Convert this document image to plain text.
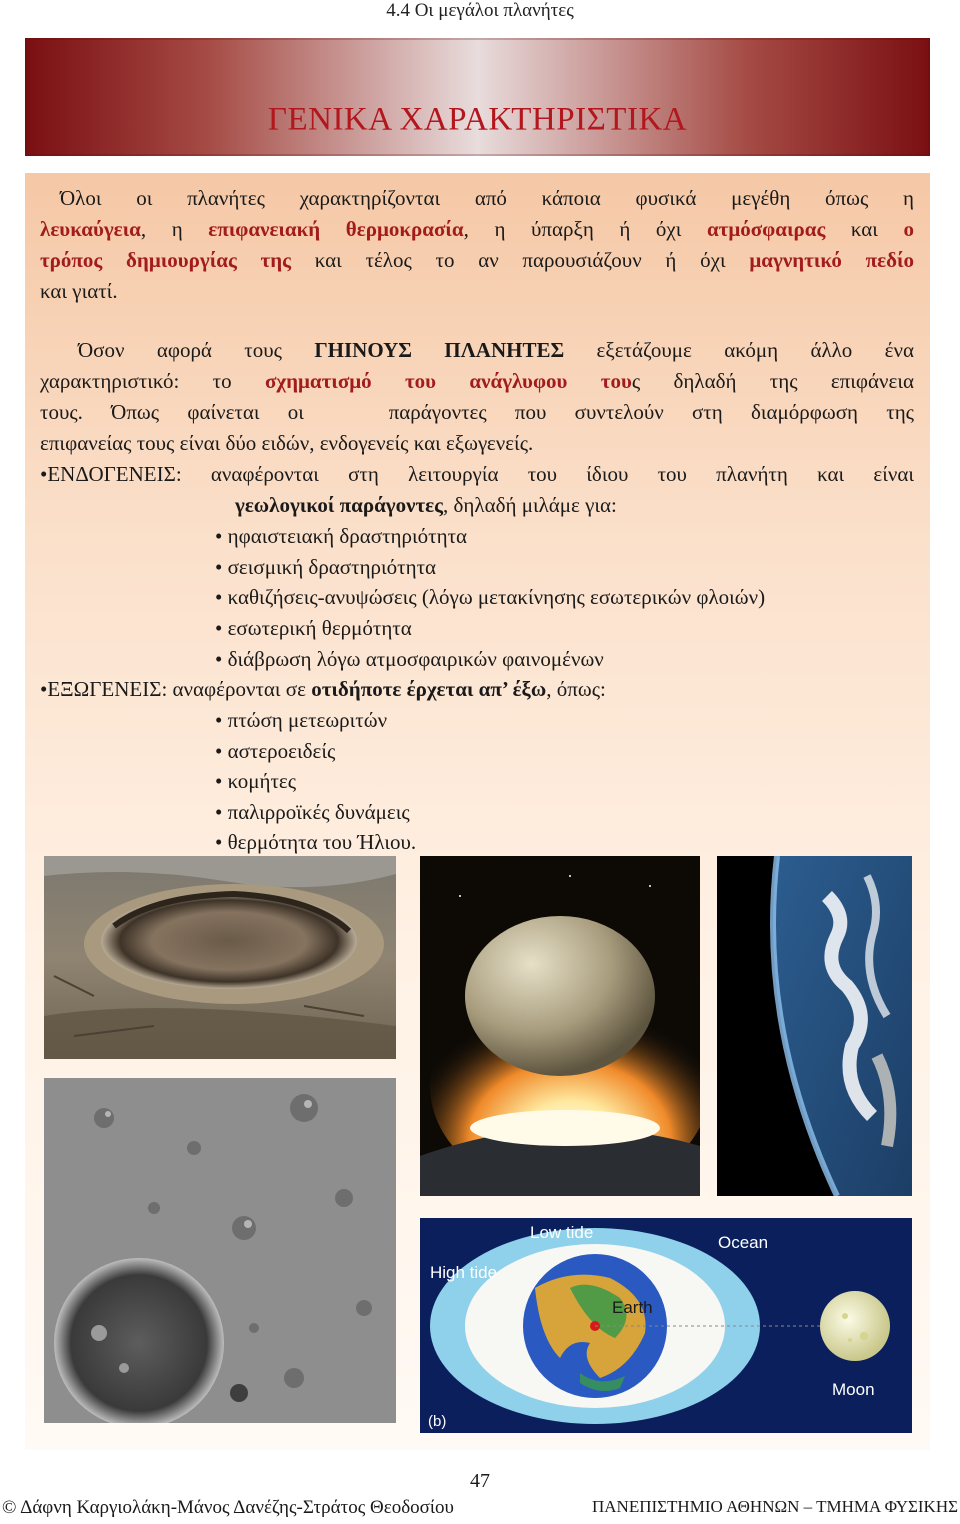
4.4 Οι μεγάλοι πλανήτες
ΓΕΝΙΚΑ ΧΑΡΑΚΤΗΡΙΣΤΙΚΑ
Όλοι οι πλανήτες χαρακτηρίζονται από κάποια φυσικά μεγέθη όπως η
λευκαύγεια, η επιφανειακή θερμοκρασία, η ύπαρξη ή όχι ατμόσφαιρας και ο
τρόπος δημιουργίας της και τέλος το αν παρουσιάζουν ή όχι μαγνητικό πεδίο
και γιατί.
Όσον αφορά τους ΓΗΙΝΟΥΣ ΠΛΑΝΗΤΕΣ εξετάζουμε ακόμη άλλο ένα
χαρακτηριστικό: το σχηματισμό του ανάγλυφου τους δηλαδή της επιφάνεια
τους. Όπως φαίνεται οι   παράγοντες που συντελούν στη διαμόρφωση της
επιφανείας τους είναι δύο ειδών, ενδογενείς και εξωγενείς.
•ΕΝΔΟΓΕΝΕΙΣ: αναφέρονται στη λειτουργία του ίδιου του πλανήτη και είναι
γεωλογικοί παράγοντες, δηλαδή μιλάμε για:
• ηφαιστειακή δραστηριότητα
• σεισμική δραστηριότητα
• καθιζήσεις-ανυψώσεις (λόγω μετακίνησης εσωτερικών φλοιών)
• εσωτερική θερμότητα
• διάβρωση λόγω ατμοσφαιρικών φαινομένων
•ΕΞΩΓΕΝΕΙΣ: αναφέρονται σε οτιδήποτε έρχεται απ’ έξω, όπως:
• πτώση μετεωριτών
• αστεροειδείς
• κομήτες
• παλιρροϊκές δυνάμεις
• θερμότητα του Ήλιου.
Low tide
Ocean
High tide
Earth
Moon
(b)
47
© Δάφνη Καργιολάκη-Μάνος Δανέζης-Στράτος Θεοδοσίου	ΠΑΝΕΠΙΣΤΗΜΙΟ ΑΘΗΝΩΝ – ΤΜΗΜΑ ΦΥΣΙΚΗΣ
